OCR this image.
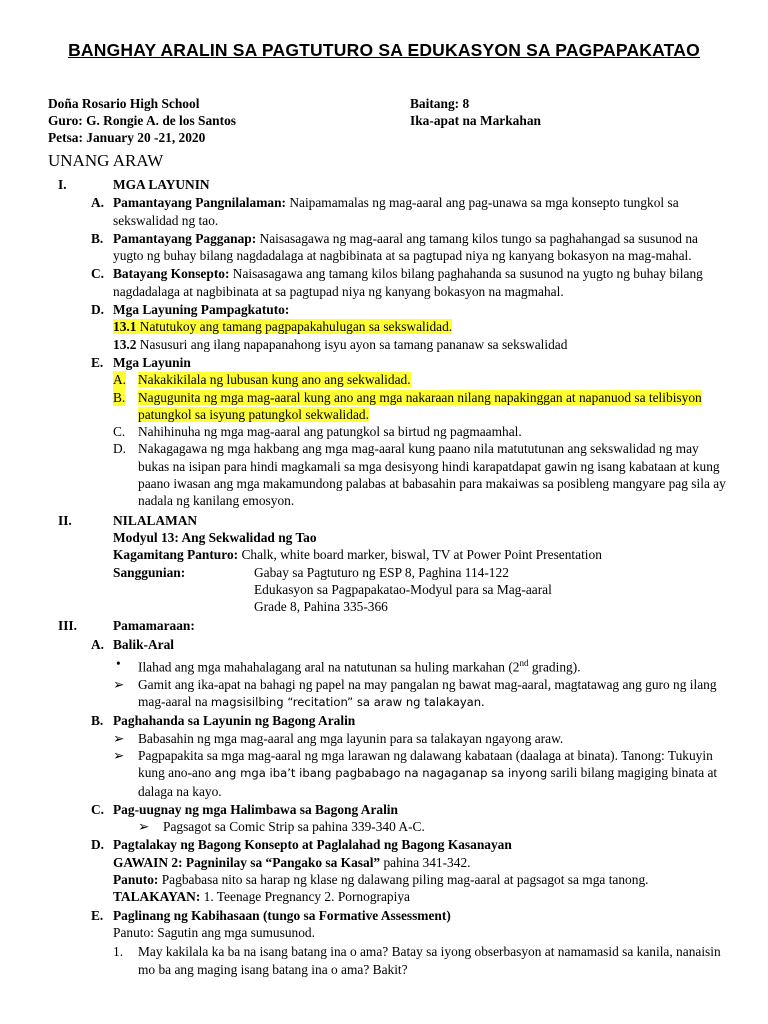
BANGHAY ARALIN SA PAGTUTURO SA EDUKASYON SA PAGPAPAKATAO
Doña Rosario High School	Baitang: 8
Guro: G. Rongie A. de los Santos	Ika-apat na Markahan
Petsa: January 20 -21, 2020
UNANG ARAW
I.	MGA LAYUNIN
A. Pamantayang Pangnilalaman: Naipamamalas ng mag-aaral ang pag-unawa sa mga konsepto tungkol sa sekswalidad ng tao.
B. Pamantayang Pagganap: Naisasagawa ng mag-aaral ang tamang kilos tungo sa paghahangad sa susunod na yugto ng buhay bilang nagdadalaga at nagbibinata at sa pagtupad niya ng kanyang bokasyon na mag-mahal.
C. Batayang Konsepto: Naisasagawa ang tamang kilos bilang paghahanda sa susunod na yugto ng buhay bilang nagdadalaga at nagbibinata at sa pagtupad niya ng kanyang bokasyon na magmahal.
D. Mga Layuning Pampagkatuto:
13.1 Natutukoy ang tamang pagpapakahulugan sa sekswalidad.
13.2 Nasusuri ang ilang napapanahong isyu ayon sa tamang pananaw sa sekswalidad
E. Mga Layunin
A. Nakakikilala ng lubusan kung ano ang sekwalidad.
B. Nagugunita ng mga mag-aaral kung ano ang mga nakaraan nilang napakinggan at napanuod sa telibisyon patungkol sa isyung patungkol sekwalidad.
C. Nahihinuha ng mga mag-aaral ang patungkol sa birtud ng pagmaamhal.
D. Nakagagawa ng mga hakbang ang mga mag-aaral kung paano nila matututunan ang sekswalidad ng may bukas na isipan para hindi magkamali sa mga desisyong hindi karapatdapat gawin ng isang kabataan at kung paano iwasan ang mga makamundong palabas at babasahin para makaiwas sa posibleng mangyare pag sila ay nadala ng kanilang emosyon.
II.	NILALAMAN
Modyul 13: Ang Sekwalidad ng Tao
Kagamitang Panturo: Chalk, white board marker, biswal, TV at Power Point Presentation
Sanggunian:	Gabay sa Pagtuturo ng ESP 8, Paghina 114-122

Edukasyon sa Pagpapakatao-Modyul para sa Mag-aaral

Grade 8, Pahina 335-366
III.	Pamamaraan:
A. Balik-Aral
• Ilahad ang mga mahahalagang aral na natutunan sa huling markahan (2nd grading).
➢ Gamit ang ika-apat na bahagi ng papel na may pangalan ng bawat mag-aaral, magtatawag ang guro ng ilang mag-aaral na magsisilbing “recitation” sa araw ng talakayan.
B. Paghahanda sa Layunin ng Bagong Aralin
➢ Babasahin ng mga mag-aaral ang mga layunin para sa talakayan ngayong araw.
➢ Pagpapakita sa mga mag-aaral ng mga larawan ng dalawang kabataan (daalaga at binata). Tanong: Tukuyin kung ano-ano ang mga iba’t ibang pagbabago na nagaganap sa inyong sarili bilang magiging binata at dalaga na kayo.
C. Pag-uugnay ng mga Halimbawa sa Bagong Aralin
➢ Pagsagot sa Comic Strip sa pahina 339-340 A-C.
D. Pagtalakay ng Bagong Konsepto at Paglalahad ng Bagong Kasanayan
GAWAIN 2: Pagninilay sa “Pangako sa Kasal” pahina 341-342.
Panuto: Pagbabasa nito sa harap ng klase ng dalawang piling mag-aaral at pagsagot sa mga tanong.
TALAKAYAN: 1. Teenage Pregnancy 2. Pornograpiya
E. Paglinang ng Kabihasaan (tungo sa Formative Assessment)
Panuto: Sagutin ang mga sumusunod.
1. May kakilala ka ba na isang batang ina o ama? Batay sa iyong obserbasyon at namamasid sa kanila, nanaisin mo ba ang maging isang batang ina o ama? Bakit?
